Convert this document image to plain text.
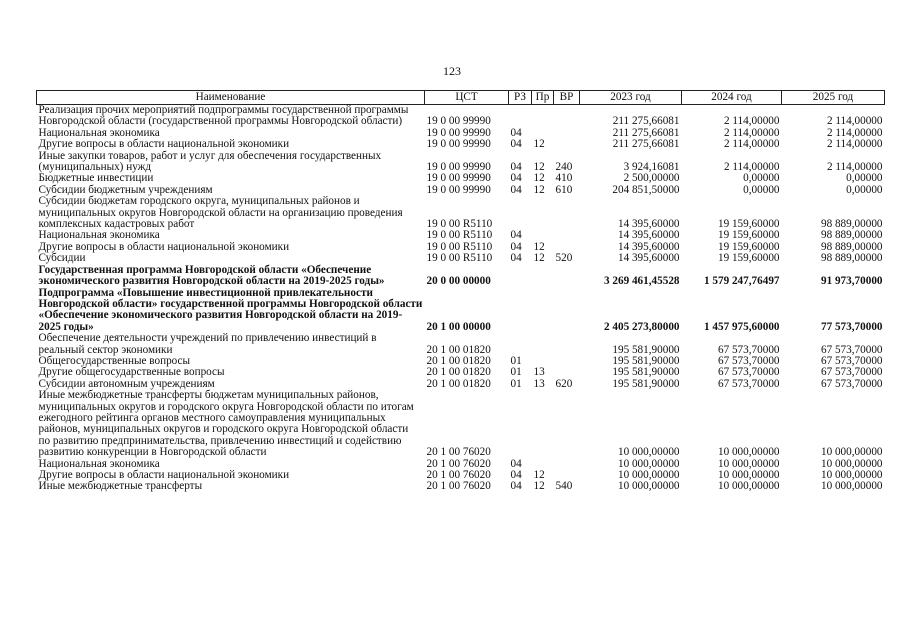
123
Наименование	ЦСТ	РЗ	Пр	ВР	2023 год	2024 год	2025 год
Реализация прочих мероприятий подпрограммы государственной программы Новгородской области (государственной программы Новгородской области)	19 0 00 99990				211 275,66081	2 114,00000	2 114,00000
Национальная экономика	19 0 00 99990	04			211 275,66081	2 114,00000	2 114,00000
Другие вопросы в области национальной экономики	19 0 00 99990	04	12		211 275,66081	2 114,00000	2 114,00000
Иные закупки товаров, работ и услуг для обеспечения государственных (муниципальных) нужд	19 0 00 99990	04	12	240	3 924,16081	2 114,00000	2 114,00000
Бюджетные инвестиции	19 0 00 99990	04	12	410	2 500,00000	0,00000	0,00000
Субсидии бюджетным учреждениям	19 0 00 99990	04	12	610	204 851,50000	0,00000	0,00000
Субсидии бюджетам городского округа, муниципальных районов и муниципальных округов Новгородской области на организацию проведения комплексных кадастровых работ	19 0 00 R5110				14 395,60000	19 159,60000	98 889,00000
Национальная экономика	19 0 00 R5110	04			14 395,60000	19 159,60000	98 889,00000
Другие вопросы в области национальной экономики	19 0 00 R5110	04	12		14 395,60000	19 159,60000	98 889,00000
Субсидии	19 0 00 R5110	04	12	520	14 395,60000	19 159,60000	98 889,00000
Государственная программа Новгородской области «Обеспечение экономического развития Новгородской области на 2019-2025 годы»	20 0 00 00000				3 269 461,45528	1 579 247,76497	91 973,70000
Подпрограмма «Повышение инвестиционной привлекательности Новгородской области» государственной программы Новгородской области «Обеспечение экономического развития Новгородской области на 2019-2025 годы»	20 1 00 00000				2 405 273,80000	1 457 975,60000	77 573,70000
Обеспечение деятельности учреждений по привлечению инвестиций в реальный сектор экономики	20 1 00 01820				195 581,90000	67 573,70000	67 573,70000
Общегосударственные вопросы	20 1 00 01820	01			195 581,90000	67 573,70000	67 573,70000
Другие общегосударственные вопросы	20 1 00 01820	01	13		195 581,90000	67 573,70000	67 573,70000
Субсидии автономным учреждениям	20 1 00 01820	01	13	620	195 581,90000	67 573,70000	67 573,70000
Иные межбюджетные трансферты бюджетам муниципальных районов, муниципальных округов и городского округа Новгородской области по итогам ежегодного рейтинга органов местного самоуправления муниципальных районов, муниципальных округов и городского округа Новгородской области по развитию предпринимательства, привлечению инвестиций и содействию развитию конкуренции в Новгородской области	20 1 00 76020				10 000,00000	10 000,00000	10 000,00000
Национальная экономика	20 1 00 76020	04			10 000,00000	10 000,00000	10 000,00000
Другие вопросы в области национальной экономики	20 1 00 76020	04	12		10 000,00000	10 000,00000	10 000,00000
Иные межбюджетные трансферты	20 1 00 76020	04	12	540	10 000,00000	10 000,00000	10 000,00000
